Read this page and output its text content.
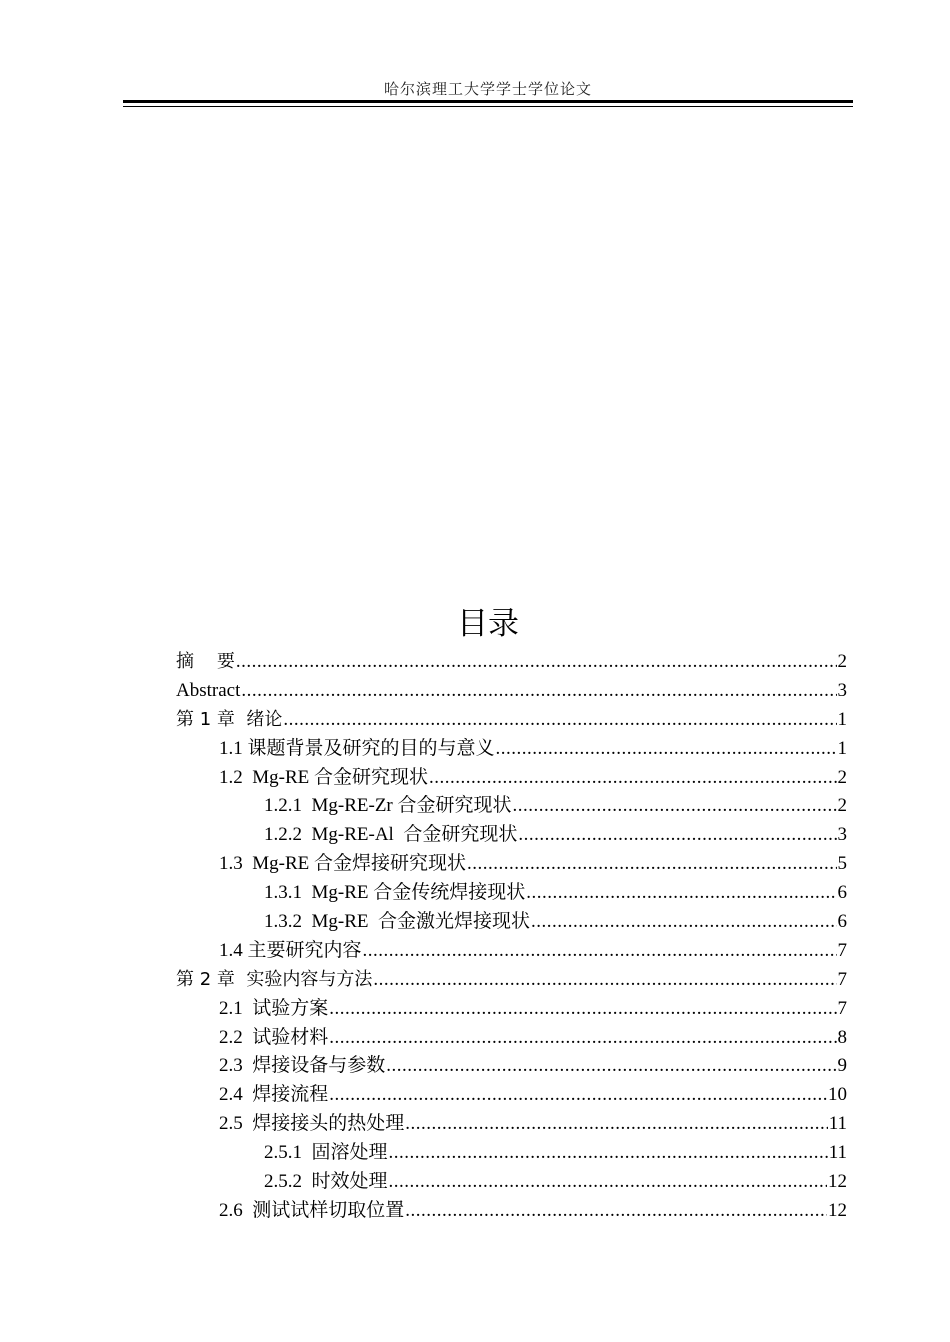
哈尔滨理工大学学士学位论文
目录
摘    要 .....	2
Abstract .....	3
第 1 章  绪论 .....	1
1.1 课题背景及研究的目的与意义 .....	1
1.2  Mg-RE 合金研究现状 .....	2
1.2.1  Mg-RE-Zr 合金研究现状 .....	2
1.2.2  Mg-RE-Al  合金研究现状 .....	3
1.3  Mg-RE 合金焊接研究现状 .....	5
1.3.1  Mg-RE 合金传统焊接现状 .....	6
1.3.2  Mg-RE  合金激光焊接现状 .....	6
1.4 主要研究内容 .....	7
第 2 章  实验内容与方法 .....	7
2.1  试验方案 .....	7
2.2  试验材料 .....	8
2.3  焊接设备与参数 .....	9
2.4  焊接流程 .....	10
2.5  焊接接头的热处理 .....	11
2.5.1  固溶处理 .....	11
2.5.2  时效处理 .....	12
2.6  测试试样切取位置 .....	12
